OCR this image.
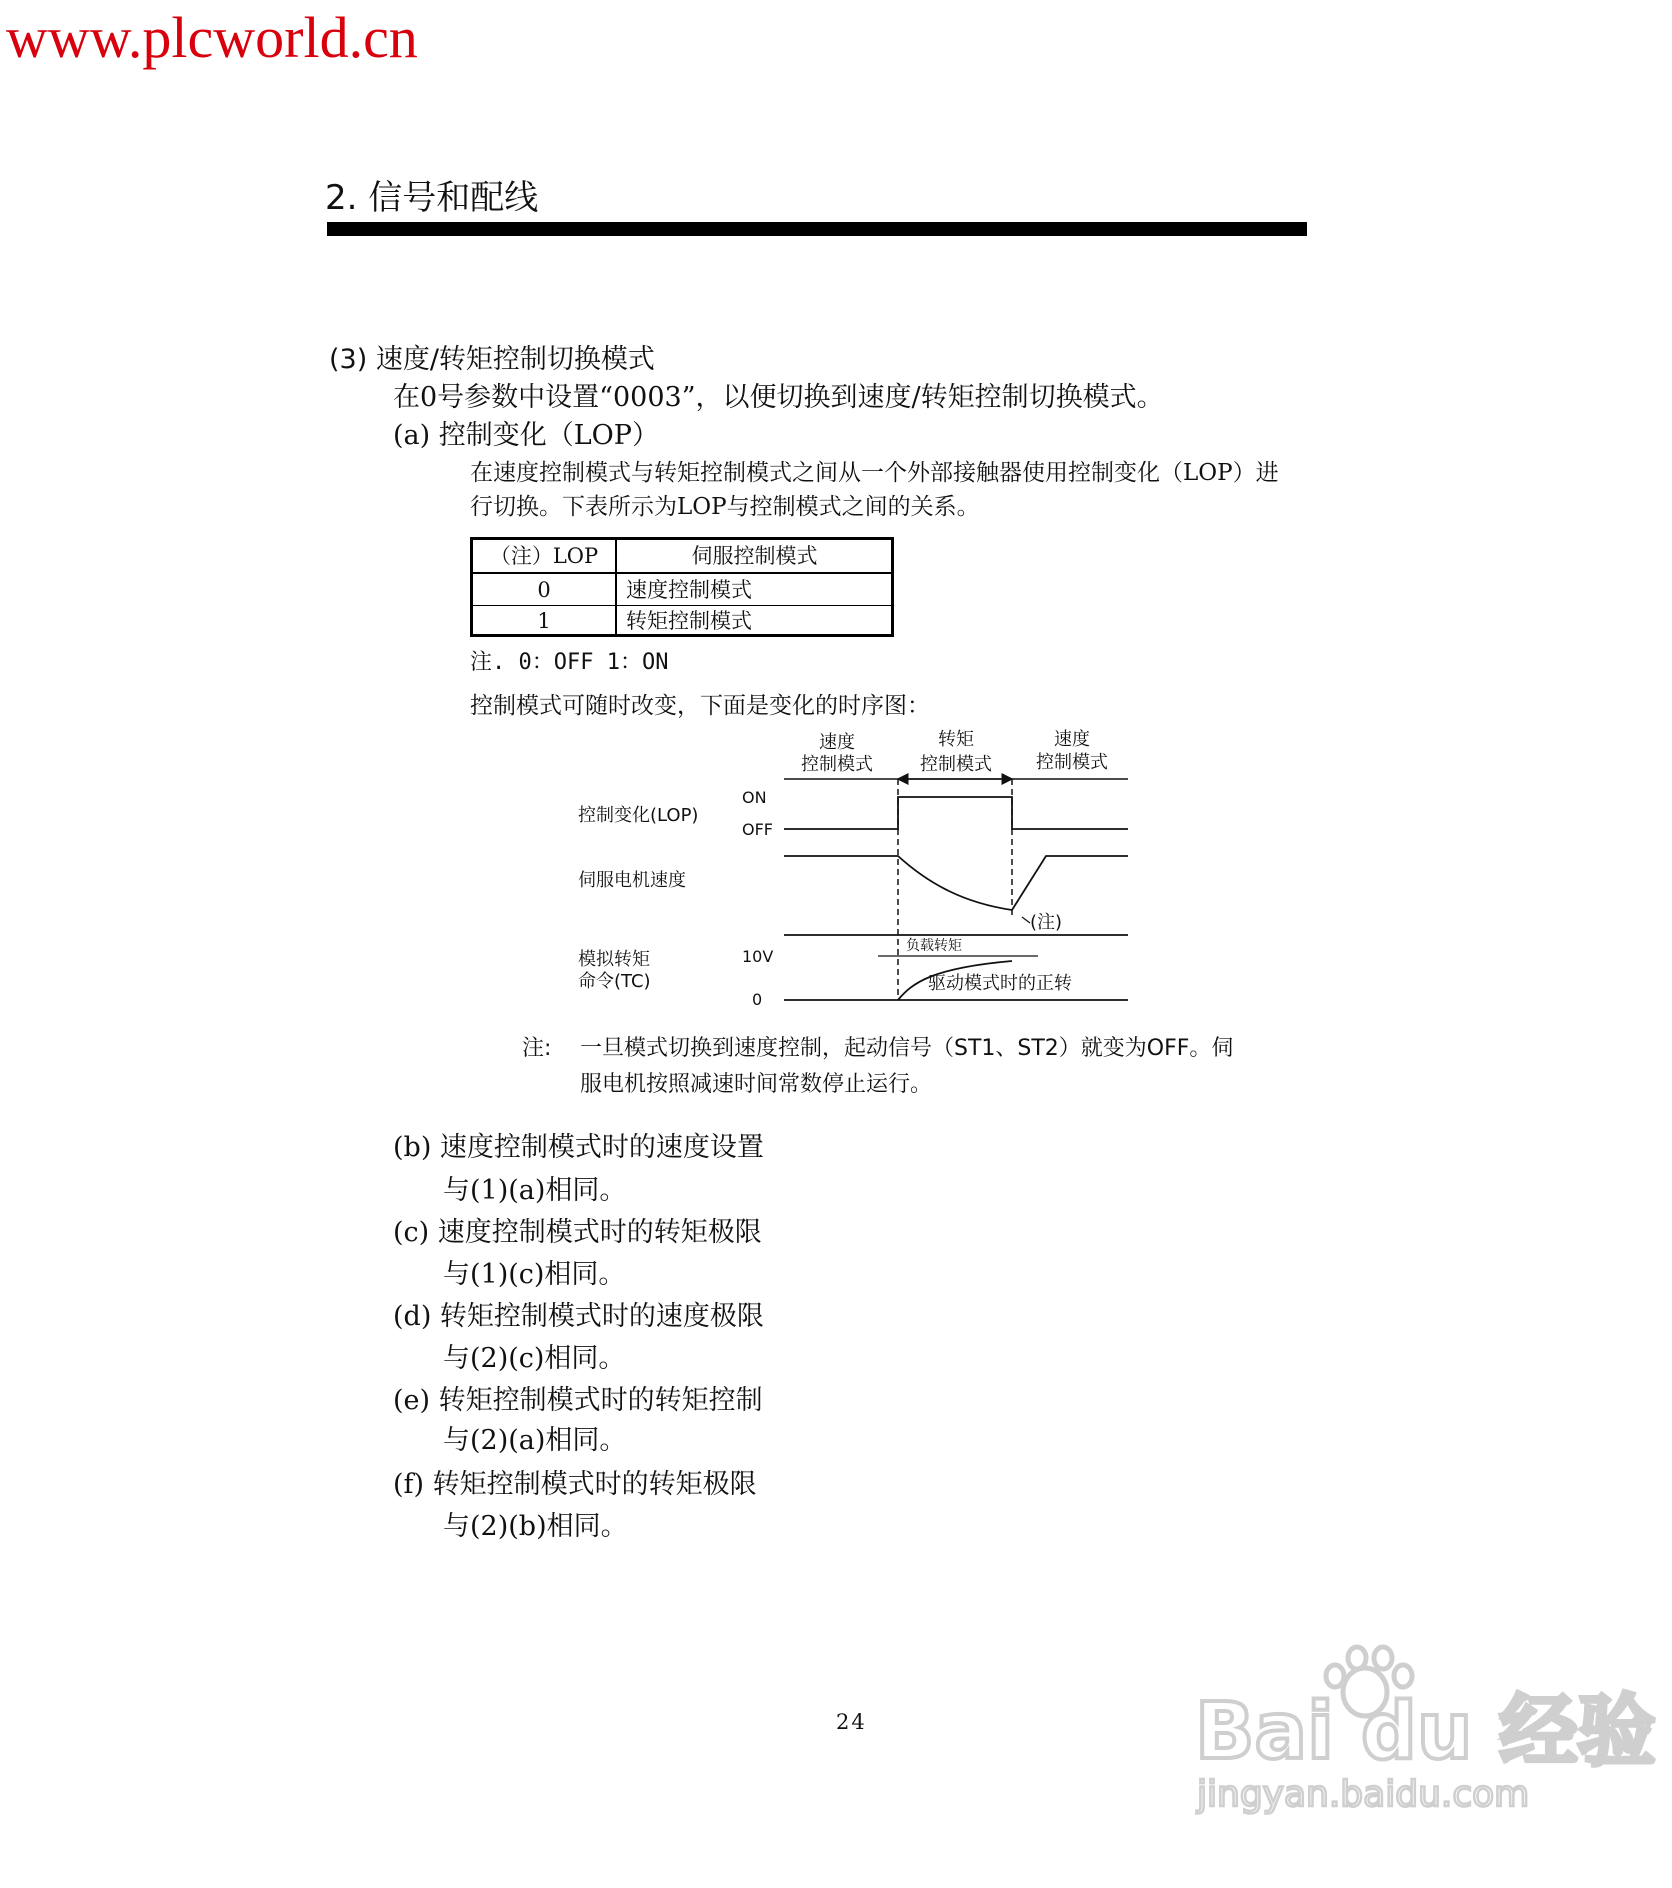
www.plcworld.cn
2. 信号和配线
(3) 速度/转矩控制切换模式
在0号参数中设置“0003”，以便切换到速度/转矩控制切换模式。
(a) 控制变化（LOP）
在速度控制模式与转矩控制模式之间从一个外部接触器使用控制变化（LOP）进
行切换。下表所示为LOP与控制模式之间的关系。
（注）LOP	伺服控制模式
0	速度控制模式
1	转矩控制模式
注. 0：OFF 1：ON
控制模式可随时改变，下面是变化的时序图：
速度
控制模式
转矩
控制模式
速度
控制模式
控制变化(LOP)
ON
OFF
伺服电机速度
(注)
模拟转矩
命令(TC)
10V
0
负载转矩
驱动模式时的正转
注: 一旦模式切换到速度控制，起动信号（ST1、ST2）就变为OFF。伺
服电机按照减速时间常数停止运行。
(b) 速度控制模式时的速度设置
与(1)(a)相同。
(c) 速度控制模式时的转矩极限
与(1)(c)相同。
(d) 转矩控制模式时的速度极限
与(2)(c)相同。
(e) 转矩控制模式时的转矩控制
与(2)(a)相同。
(f) 转矩控制模式时的转矩极限
与(2)(b)相同。
24	Bai du 经验
jingyan.baidu.com
